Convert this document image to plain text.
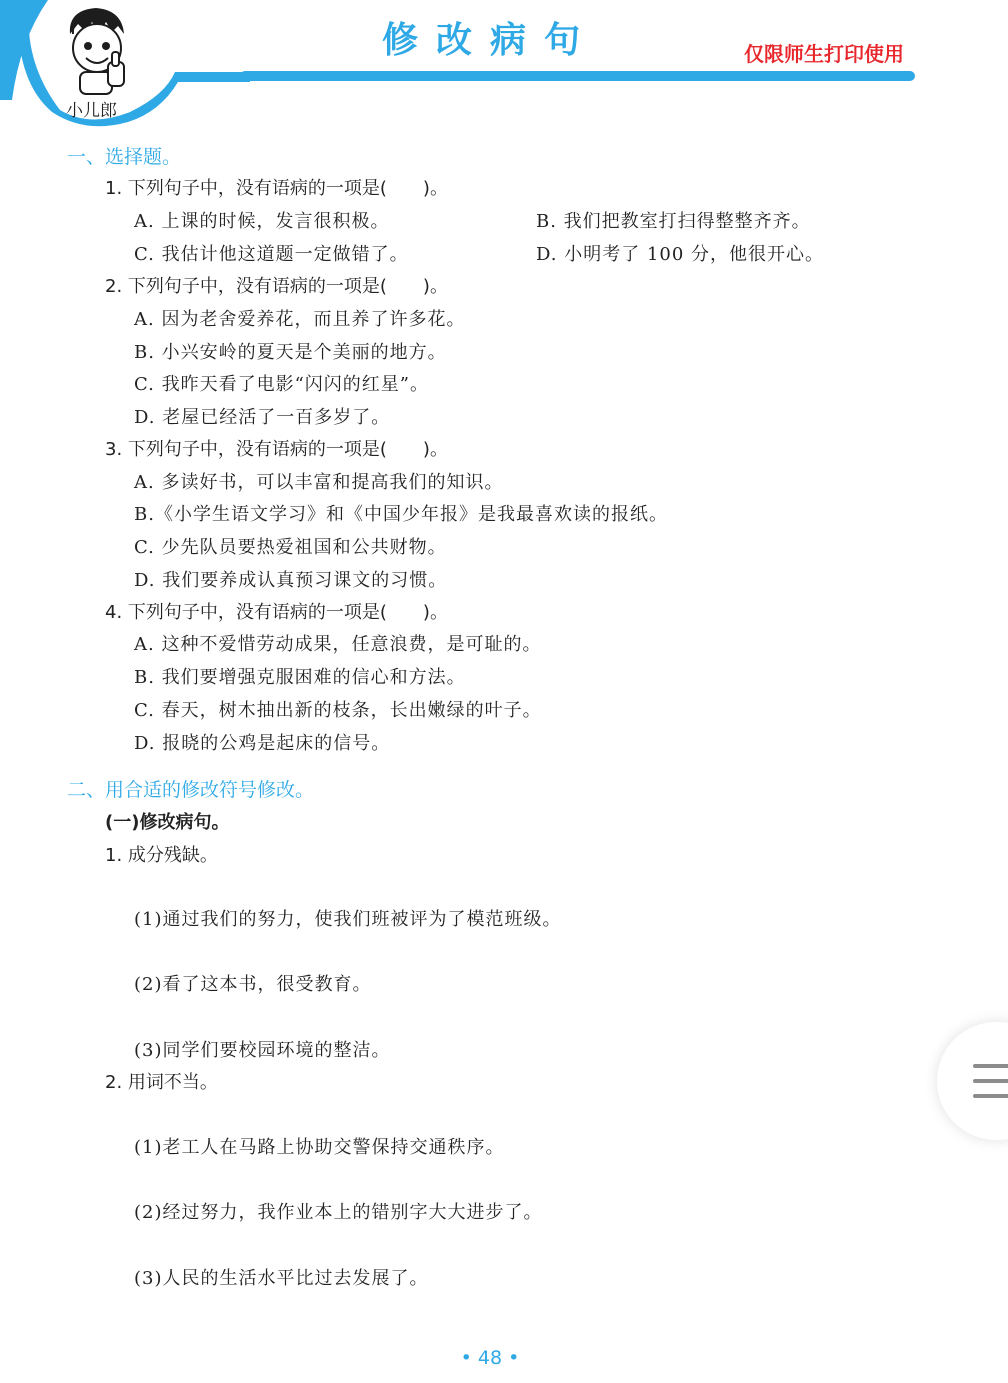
小儿郎
修改病句	仅限师生打印使用
一、选择题。
1. 下列句子中，没有语病的一项是(　　)。
A. 上课的时候，发言很积极。	B. 我们把教室打扫得整整齐齐。
C. 我估计他这道题一定做错了。	D. 小明考了 100 分，他很开心。
2. 下列句子中，没有语病的一项是(　　)。
A. 因为老舍爱养花，而且养了许多花。
B. 小兴安岭的夏天是个美丽的地方。
C. 我昨天看了电影“闪闪的红星”。
D. 老屋已经活了一百多岁了。
3. 下列句子中，没有语病的一项是(　　)。
A. 多读好书，可以丰富和提高我们的知识。
B.《小学生语文学习》和《中国少年报》是我最喜欢读的报纸。
C. 少先队员要热爱祖国和公共财物。
D. 我们要养成认真预习课文的习惯。
4. 下列句子中，没有语病的一项是(　　)。
A. 这种不爱惜劳动成果，任意浪费，是可耻的。
B. 我们要增强克服困难的信心和方法。
C. 春天，树木抽出新的枝条，长出嫩绿的叶子。
D. 报晓的公鸡是起床的信号。
二、用合适的修改符号修改。
(一)修改病句。
1. 成分残缺。
(1)通过我们的努力，使我们班被评为了模范班级。
(2)看了这本书，很受教育。
(3)同学们要校园环境的整洁。
2. 用词不当。
(1)老工人在马路上协助交警保持交通秩序。
(2)经过努力，我作业本上的错别字大大进步了。
(3)人民的生活水平比过去发展了。
• 48 •
